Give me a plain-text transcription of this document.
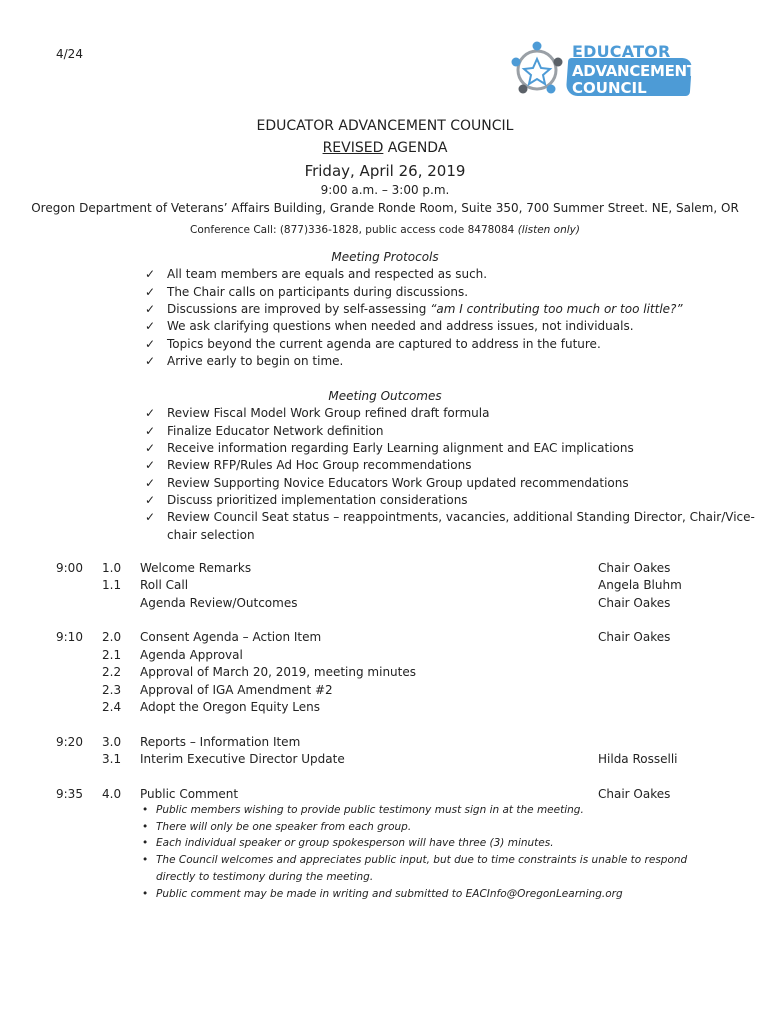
4/24	EDUCATOR
ADVANCEMENT
COUNCIL
EDUCATOR ADVANCEMENT COUNCIL
REVISED AGENDA
Friday, April 26, 2019
9:00 a.m. – 3:00 p.m.
Oregon Department of Veterans’ Affairs Building, Grande Ronde Room, Suite 350, 700 Summer Street. NE, Salem, OR
Conference Call: (877)336-1828, public access code 8478084 (listen only)
Meeting Protocols
✓ All team members are equals and respected as such.
✓ The Chair calls on participants during discussions.
✓ Discussions are improved by self-assessing “am I contributing too much or too little?”
✓ We ask clarifying questions when needed and address issues, not individuals.
✓ Topics beyond the current agenda are captured to address in the future.
✓ Arrive early to begin on time.
Meeting Outcomes
✓ Review Fiscal Model Work Group refined draft formula
✓ Finalize Educator Network definition
✓ Receive information regarding Early Learning alignment and EAC implications
✓ Review RFP/Rules Ad Hoc Group recommendations
✓ Review Supporting Novice Educators Work Group updated recommendations
✓ Discuss prioritized implementation considerations
✓ Review Council Seat status – reappointments, vacancies, additional Standing Director, Chair/Vice-
chair selection
9:00 1.0 Welcome Remarks	Chair Oakes
1.1 Roll Call	Angela Bluhm
Agenda Review/Outcomes	Chair Oakes
9:10 2.0 Consent Agenda – Action Item	Chair Oakes
2.1 Agenda Approval
2.2 Approval of March 20, 2019, meeting minutes
2.3 Approval of IGA Amendment #2
2.4 Adopt the Oregon Equity Lens
9:20 3.0 Reports – Information Item
3.1 Interim Executive Director Update	Hilda Rosselli
9:35 4.0 Public Comment	Chair Oakes
• Public members wishing to provide public testimony must sign in at the meeting.
• There will only be one speaker from each group.
• Each individual speaker or group spokesperson will have three (3) minutes.
• The Council welcomes and appreciates public input, but due to time constraints is unable to respond
directly to testimony during the meeting.
• Public comment may be made in writing and submitted to EACInfo@OregonLearning.org
